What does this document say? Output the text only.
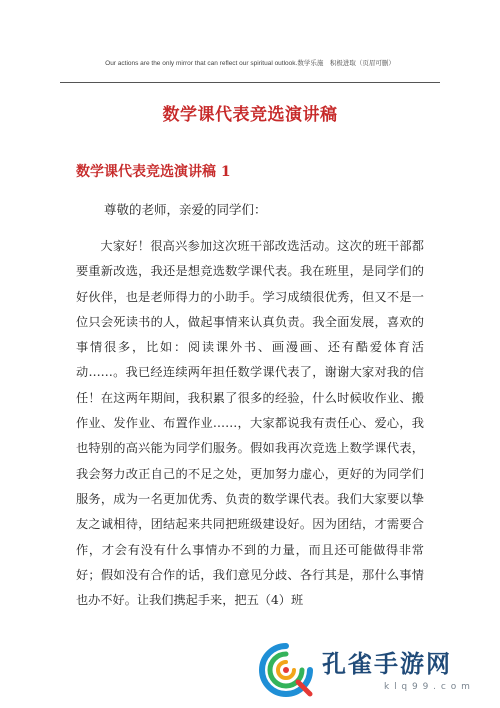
Our actions are the only mirror that can reflect our spiritual outlook.数学乐施　积极进取（页眉可删）
数学课代表竞选演讲稿
数学课代表竞选演讲稿 1
尊敬的老师，亲爱的同学们：
大家好！很高兴参加这次班干部改选活动。这次的班干部都要重新改选，我还是想竞选数学课代表。我在班里，是同学们的好伙伴，也是老师得力的小助手。学习成绩很优秀，但又不是一位只会死读书的人，做起事情来认真负责。我全面发展，喜欢的事情很多，比如：阅读课外书、画漫画、还有酷爱体育活动……。我已经连续两年担任数学课代表了，谢谢大家对我的信任！在这两年期间，我积累了很多的经验，什么时候收作业、搬作业、发作业、布置作业……，大家都说我有责任心、爱心，我也特别的高兴能为同学们服务。假如我再次竞选上数学课代表，我会努力改正自己的不足之处，更加努力虚心，更好的为同学们服务，成为一名更加优秀、负责的数学课代表。我们大家要以挚友之诚相待，团结起来共同把班级建设好。因为团结，才需要合作，才会有没有什么事情办不到的力量，而且还可能做得非常好；假如没有合作的话，我们意见分歧、各行其是，那什么事情也办不好。让我们携起手来，把五（4）班
孔雀手游网
k l q 9 9 . c o m
